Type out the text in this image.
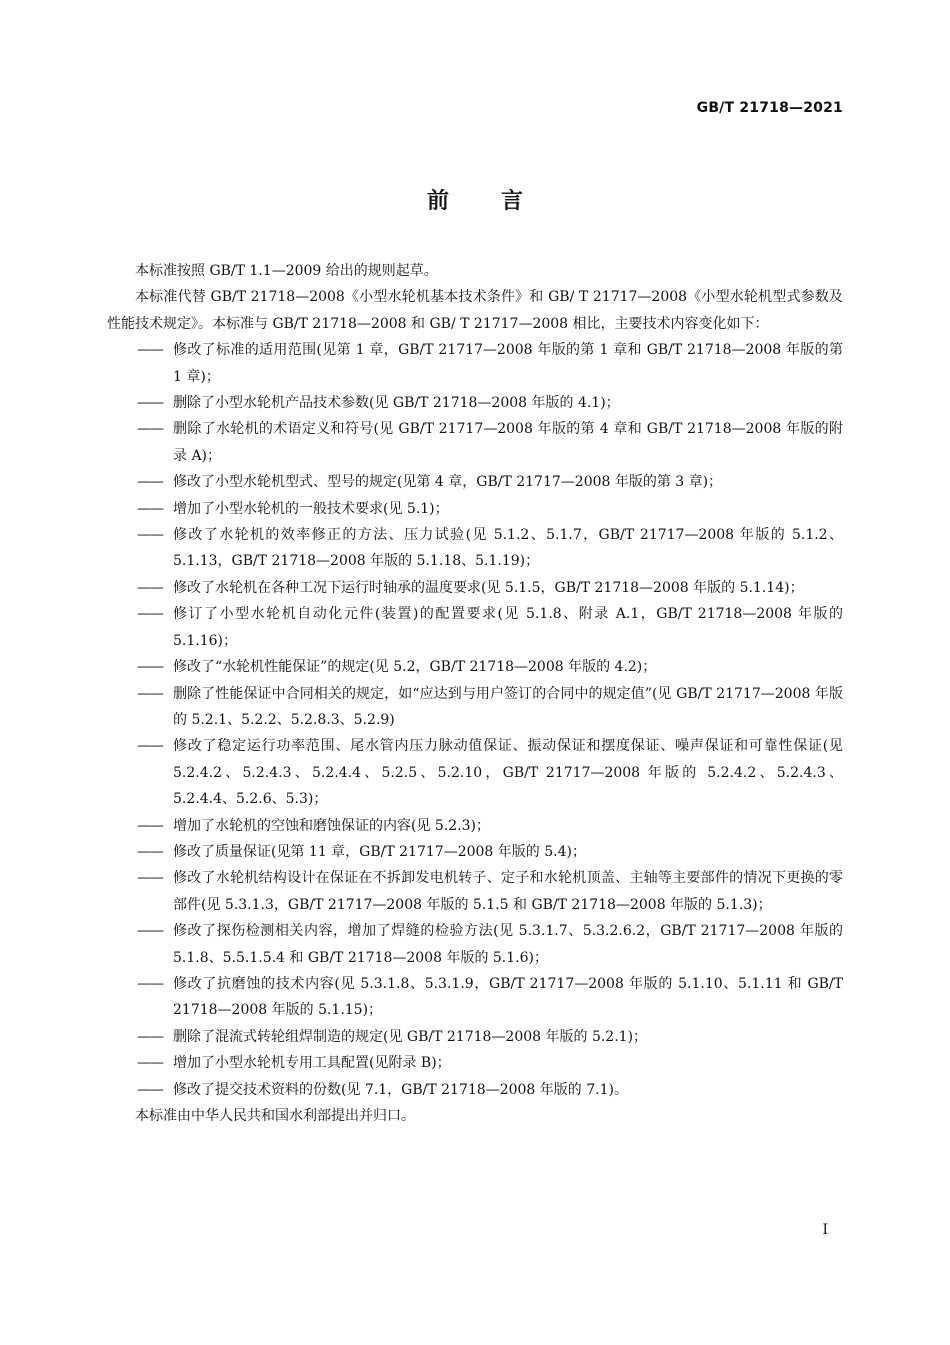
GB/T 21718—2021
前言

本标准按照 GB/T 1.1—2009 给出的规则起草。

本标准代替 GB/T 21718—2008《小型水轮机基本技术条件》和 GB/ T 21717—2008《小型水轮机型式参数及性能技术规定》。本标准与 GB/T 21718—2008 和 GB/ T 21717—2008 相比，主要技术内容变化如下：

—— 修改了标准的适用范围(见第 1 章，GB/T 21717—2008 年版的第 1 章和 GB/T 21718—2008 年版的第 1 章)；
—— 删除了小型水轮机产品技术参数(见 GB/T 21718—2008 年版的 4.1)；
—— 删除了水轮机的术语定义和符号(见 GB/T 21717—2008 年版的第 4 章和 GB/T 21718—2008 年版的附录 A)；
—— 修改了小型水轮机型式、型号的规定(见第 4 章，GB/T 21717—2008 年版的第 3 章)；
—— 增加了小型水轮机的一般技术要求(见 5.1)；
—— 修改了水轮机的效率修正的方法、压力试验(见 5.1.2、5.1.7，GB/T 21717—2008 年版的 5.1.2、5.1.13，GB/T 21718—2008 年版的 5.1.18、5.1.19)；
—— 修改了水轮机在各种工况下运行时轴承的温度要求(见 5.1.5，GB/T 21718—2008 年版的 5.1.14)；
—— 修订了小型水轮机自动化元件(装置)的配置要求(见 5.1.8、附录 A.1，GB/T 21718—2008 年版的 5.1.16)；
—— 修改了“水轮机性能保证”的规定(见 5.2，GB/T 21718—2008 年版的 4.2)；
—— 删除了性能保证中合同相关的规定，如“应达到与用户签订的合同中的规定值”(见 GB/T 21717—2008 年版的 5.2.1、5.2.2、5.2.8.3、5.2.9)
—— 修改了稳定运行功率范围、尾水管内压力脉动值保证、振动保证和摆度保证、噪声保证和可靠性保证(见 5.2.4.2、5.2.4.3、5.2.4.4、5.2.5、5.2.10，GB/T 21717—2008 年版的 5.2.4.2、5.2.4.3、5.2.4.4、5.2.6、5.3)；
—— 增加了水轮机的空蚀和磨蚀保证的内容(见 5.2.3)；
—— 修改了质量保证(见第 11 章，GB/T 21717—2008 年版的 5.4)；
—— 修改了水轮机结构设计在保证在不拆卸发电机转子、定子和水轮机顶盖、主轴等主要部件的情况下更换的零部件(见 5.3.1.3，GB/T 21717—2008 年版的 5.1.5 和 GB/T 21718—2008 年版的 5.1.3)；
—— 修改了探伤检测相关内容，增加了焊缝的检验方法(见 5.3.1.7、5.3.2.6.2，GB/T 21717—2008 年版的 5.1.8、5.5.1.5.4 和 GB/T 21718—2008 年版的 5.1.6)；
—— 修改了抗磨蚀的技术内容(见 5.3.1.8、5.3.1.9，GB/T 21717—2008 年版的 5.1.10、5.1.11 和 GB/T 21718—2008 年版的 5.1.15)；
—— 删除了混流式转轮组焊制造的规定(见 GB/T 21718—2008 年版的 5.2.1)；
—— 增加了小型水轮机专用工具配置(见附录 B)；
—— 修改了提交技术资料的份数(见 7.1，GB/T 21718—2008 年版的 7.1)。

本标准由中华人民共和国水利部提出并归口。

I
